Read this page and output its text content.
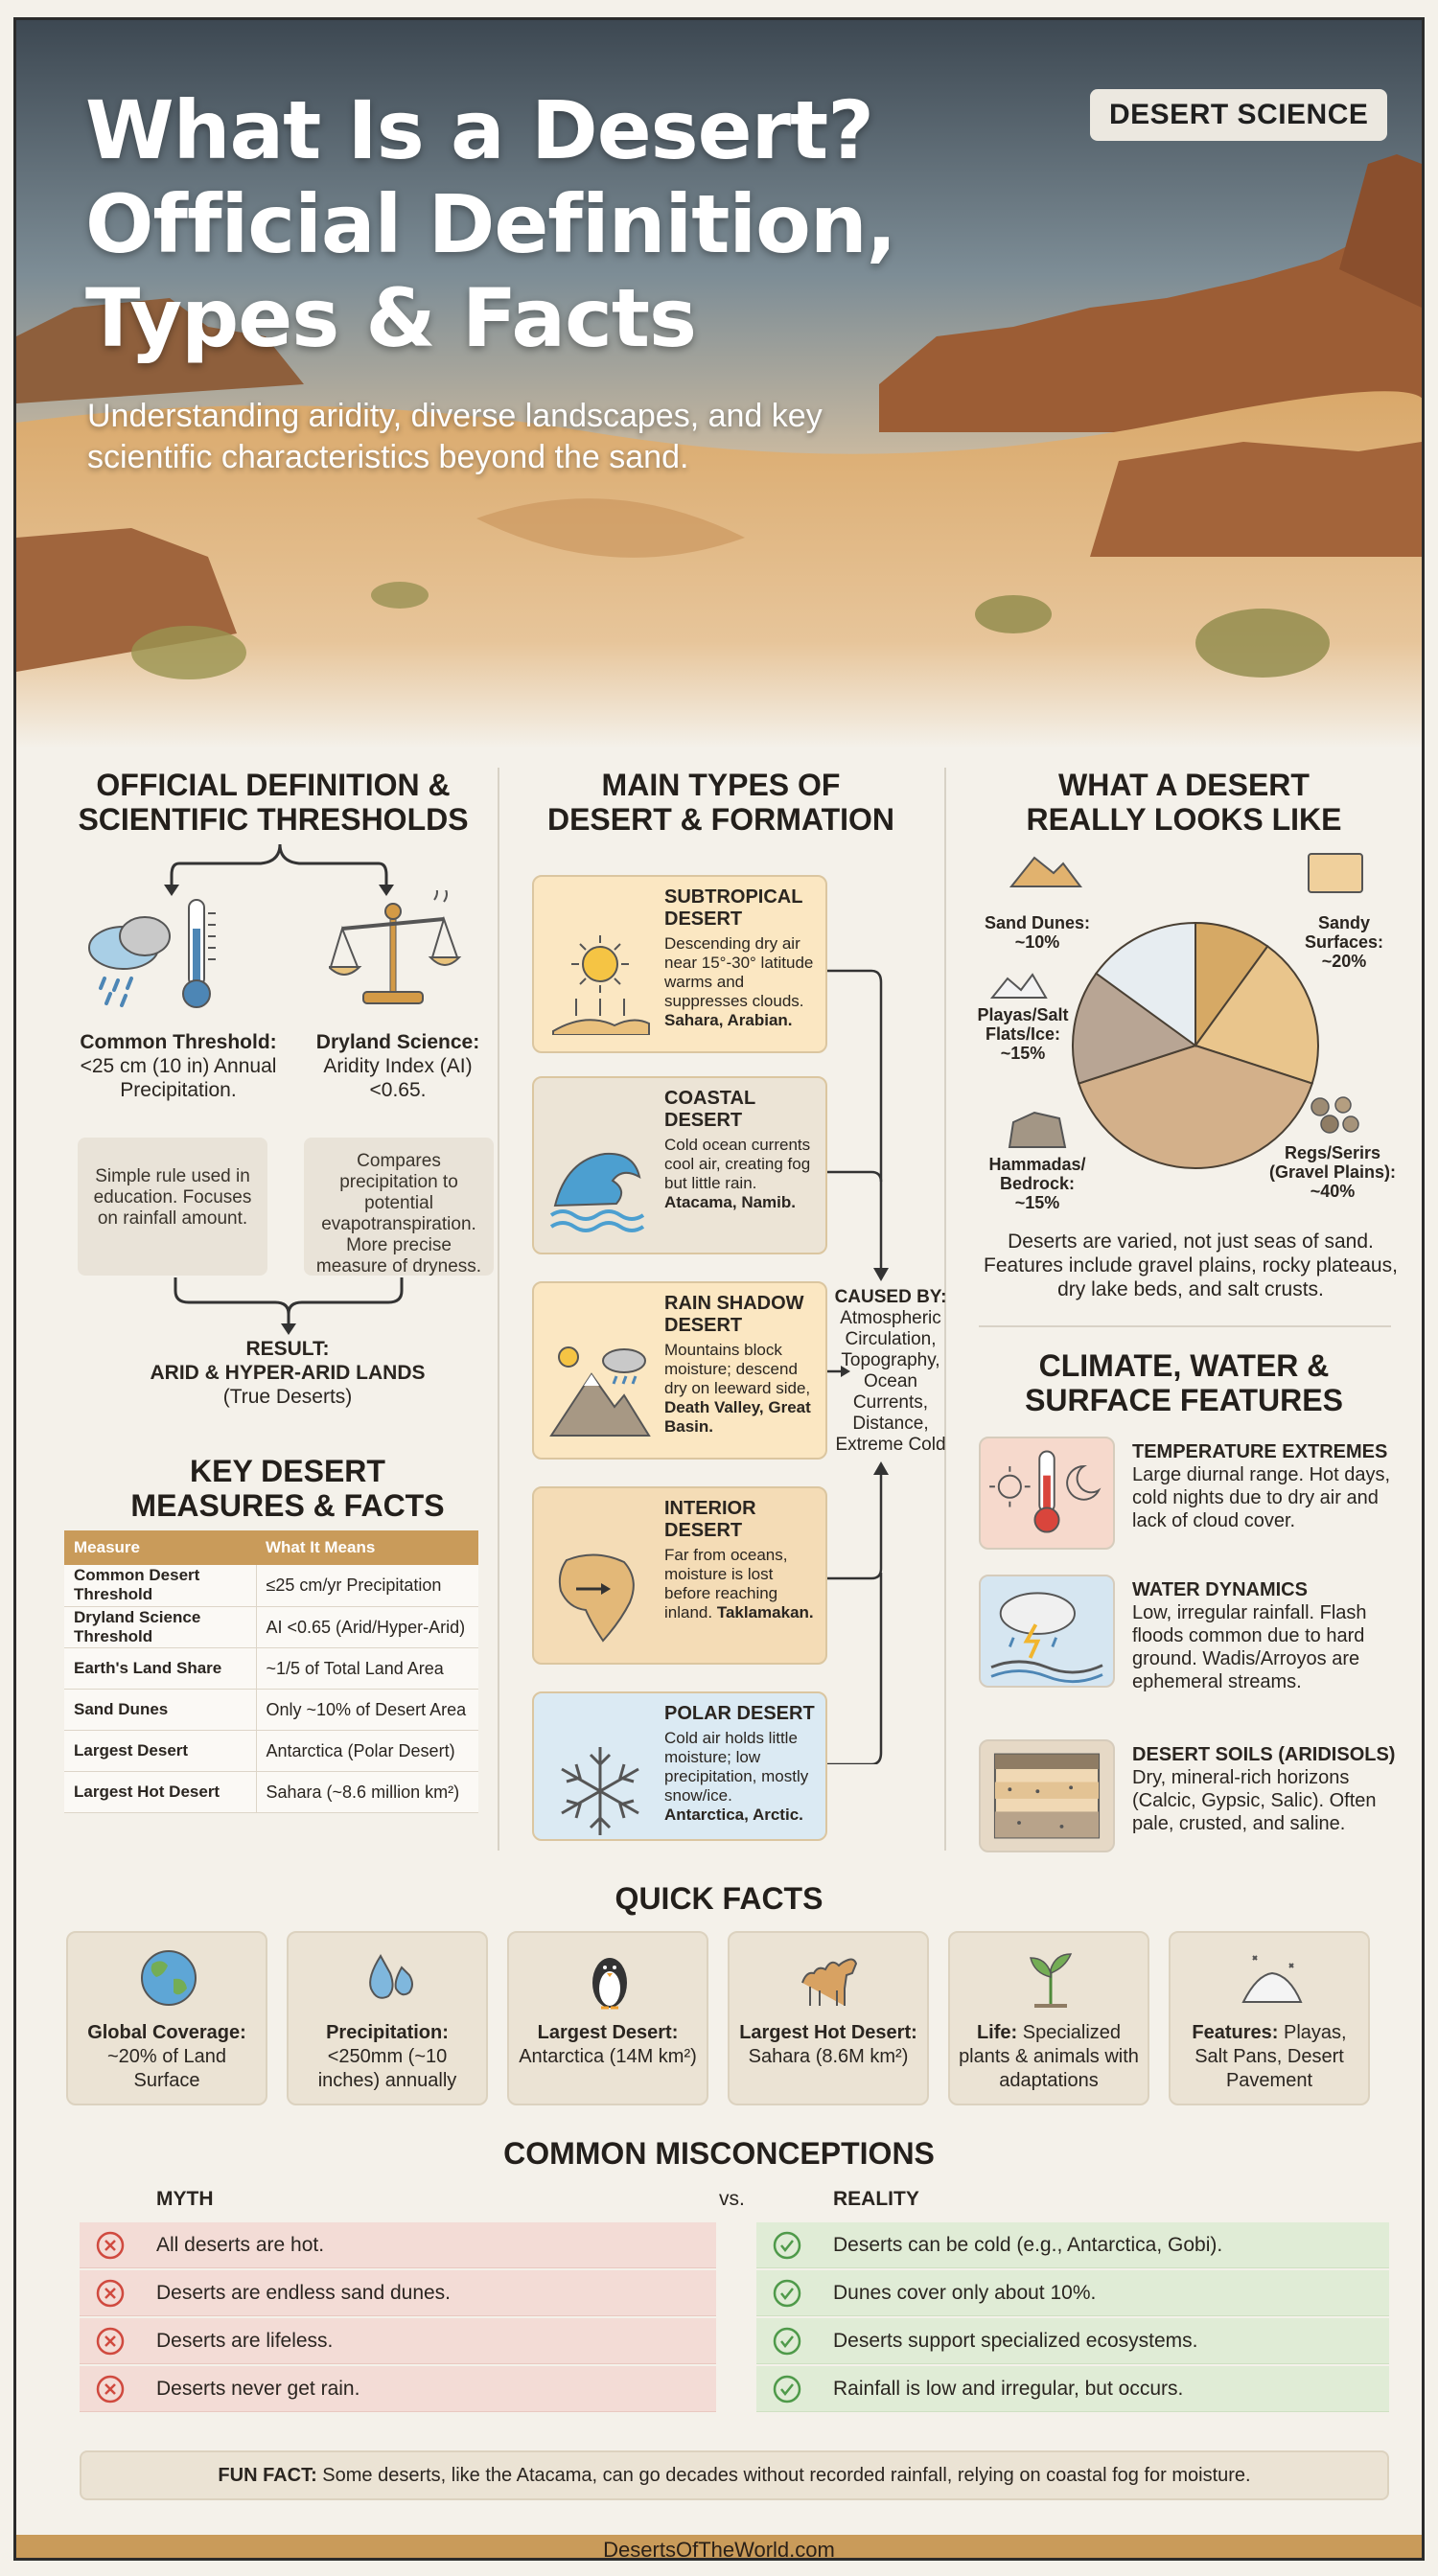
What Is a Desert?
Official Definition,
Types & Facts
Understanding aridity, diverse landscapes, and key scientific characteristics beyond the sand.
DESERT SCIENCE
OFFICIAL DEFINITION &
SCIENTIFIC THRESHOLDS
Common Threshold:
<25 cm (10 in) Annual Precipitation.
Dryland Science:
Aridity Index (AI) <0.65.
Simple rule used in education. Focuses on rainfall amount.
Compares precipitation to potential evapotranspiration. More precise measure of dryness.
RESULT:
ARID & HYPER-ARID LANDS
(True Deserts)
KEY DESERT
MEASURES & FACTS
Measure	What It Means
Common Desert Threshold	≤25 cm/yr Precipitation
Dryland Science Threshold	AI <0.65 (Arid/Hyper-Arid)
Earth's Land Share	~1/5 of Total Land Area
Sand Dunes	Only ~10% of Desert Area
Largest Desert	Antarctica (Polar Desert)
Largest Hot Desert	Sahara (~8.6 million km²)
MAIN TYPES OF
DESERT & FORMATION
SUBTROPICAL DESERT
Descending dry air near 15°-30° latitude warms and suppresses clouds. Sahara, Arabian.
COASTAL DESERT
Cold ocean currents cool air, creating fog but little rain. Atacama, Namib.
RAIN SHADOW DESERT
Mountains block moisture; descend dry on leeward side, Death Valley, Great Basin.
INTERIOR DESERT
Far from oceans, moisture is lost before reaching inland. Taklamakan.
POLAR DESERT
Cold air holds little moisture; low precipitation, mostly snow/ice. Antarctica, Arctic.
CAUSED BY:
Atmospheric Circulation, Topography, Ocean Currents, Distance, Extreme Cold
WHAT A DESERT
REALLY LOOKS LIKE
Sand Dunes:
~10%
Sandy Surfaces:
~20%
Regs/Serirs (Gravel Plains):
~40%
Hammadas/ Bedrock:
~15%
Playas/Salt Flats/Ice:
~15%
Deserts are varied, not just seas of sand. Features include gravel plains, rocky plateaus, dry lake beds, and salt crusts.
CLIMATE, WATER &
SURFACE FEATURES
TEMPERATURE EXTREMES
Large diurnal range. Hot days, cold nights due to dry air and lack of cloud cover.
WATER DYNAMICS
Low, irregular rainfall. Flash floods common due to hard ground. Wadis/Arroyos are ephemeral streams.
DESERT SOILS (ARIDISOLS)
Dry, mineral-rich horizons (Calcic, Gypsic, Salic). Often pale, crusted, and saline.
QUICK FACTS
Global Coverage: ~20% of Land Surface
Precipitation: <250mm (~10 inches) annually
Largest Desert: Antarctica (14M km²)
Largest Hot Desert: Sahara (8.6M km²)
Life: Specialized plants & animals with adaptations
Features: Playas, Salt Pans, Desert Pavement
COMMON MISCONCEPTIONS
MYTH	vs.	REALITY
All deserts are hot.	Deserts can be cold (e.g., Antarctica, Gobi).
Deserts are endless sand dunes.	Dunes cover only about 10%.
Deserts are lifeless.	Deserts support specialized ecosystems.
Deserts never get rain.	Rainfall is low and irregular, but occurs.
FUN FACT: Some deserts, like the Atacama, can go decades without recorded rainfall, relying on coastal fog for moisture.
DesertsOfTheWorld.com
